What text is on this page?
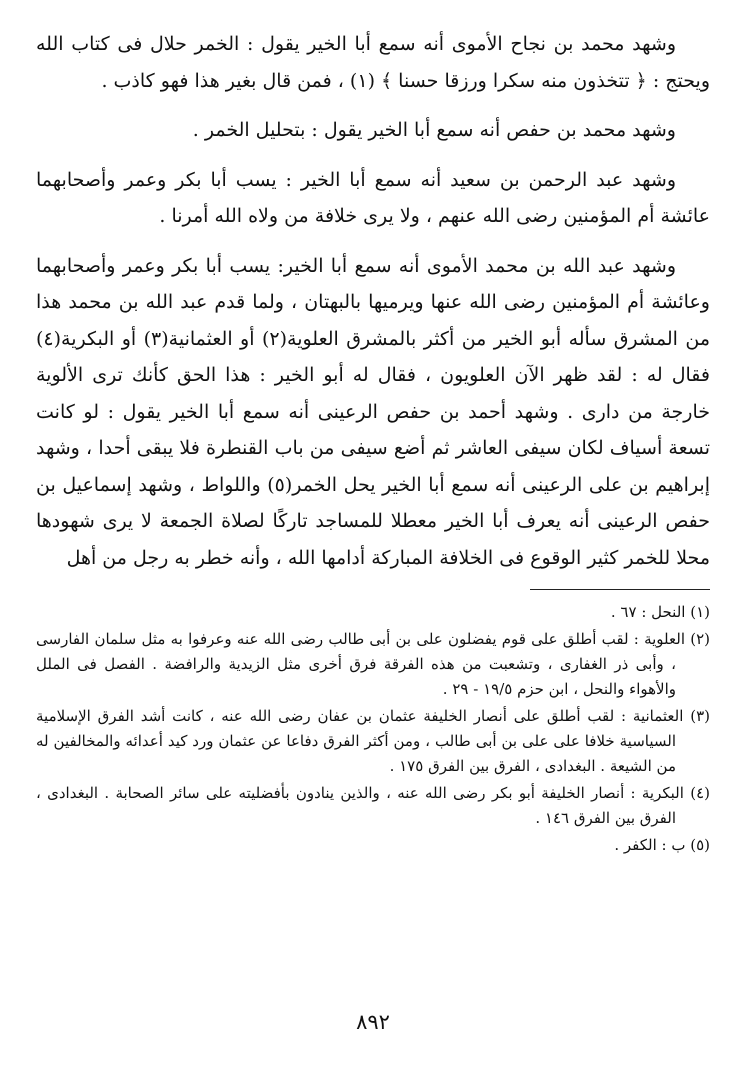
وشهد محمد بن نجاح الأموى أنه سمع أبا الخير يقول : الخمر حلال فى كتاب الله ويحتج : ﴿ تتخذون منه سكرا ورزقا حسنا ﴾ (١) ، فمن قال بغير هذا فهو كاذب .

وشهد محمد بن حفص أنه سمع أبا الخير يقول : بتحليل الخمر .

وشهد عبد الرحمن بن سعيد أنه سمع أبا الخير : يسب أبا بكر وعمر وأصحابهما عائشة أم المؤمنين رضى الله عنهم ، ولا يرى خلافة من ولاه الله أمرنا .

وشهد عبد الله بن محمد الأموى أنه سمع أبا الخير: يسب أبا بكر وعمر وأصحابهما وعائشة أم المؤمنين رضى الله عنها ويرميها بالبهتان ، ولما قدم عبد الله بن محمد هذا من المشرق سأله أبو الخير من أكثر بالمشرق العلوية(٢) أو العثمانية(٣) أو البكرية(٤) فقال له : لقد ظهر الآن العلويون ، فقال له أبو الخير : هذا الحق كأنك ترى الألوية خارجة من دارى . وشهد أحمد بن حفص الرعينى أنه سمع أبا الخير يقول : لو كانت تسعة أسياف لكان سيفى العاشر ثم أضع سيفى من باب القنطرة فلا يبقى أحدا ، وشهد إبراهيم بن على الرعينى أنه سمع أبا الخير يحل الخمر(٥) واللواط ، وشهد إسماعيل بن حفص الرعينى أنه يعرف أبا الخير معطلا للمساجد تاركًا لصلاة الجمعة لا يرى شهودها محلا للخمر كثير الوقوع فى الخلافة المباركة أدامها الله ، وأنه خطر به رجل من أهل

(١) النحل : ٦٧ .

(٢) العلوية : لقب أطلق على قوم يفضلون على بن أبى طالب رضى الله عنه وعرفوا به مثل سلمان الفارسى ، وأبى ذر الغفارى ، وتشعبت من هذه الفرقة فرق أخرى مثل الزيدية والرافضة . الفصل فى الملل والأهواء والنحل ، ابن حزم ١٩/٥ - ٢٩ .

(٣) العثمانية : لقب أطلق على أنصار الخليفة عثمان بن عفان رضى الله عنه ، كانت أشد الفرق الإسلامية السياسية خلافا على على بن أبى طالب ، ومن أكثر الفرق دفاعا عن عثمان ورد كيد أعدائه والمخالفين له من الشيعة . البغدادى ، الفرق بين الفرق ١٧٥ .

(٤) البكرية : أنصار الخليفة أبو بكر رضى الله عنه ، والذين ينادون بأفضليته على سائر الصحابة . البغدادى ، الفرق بين الفرق ١٤٦ .

(٥) ب : الكفر .

٨٩٢
